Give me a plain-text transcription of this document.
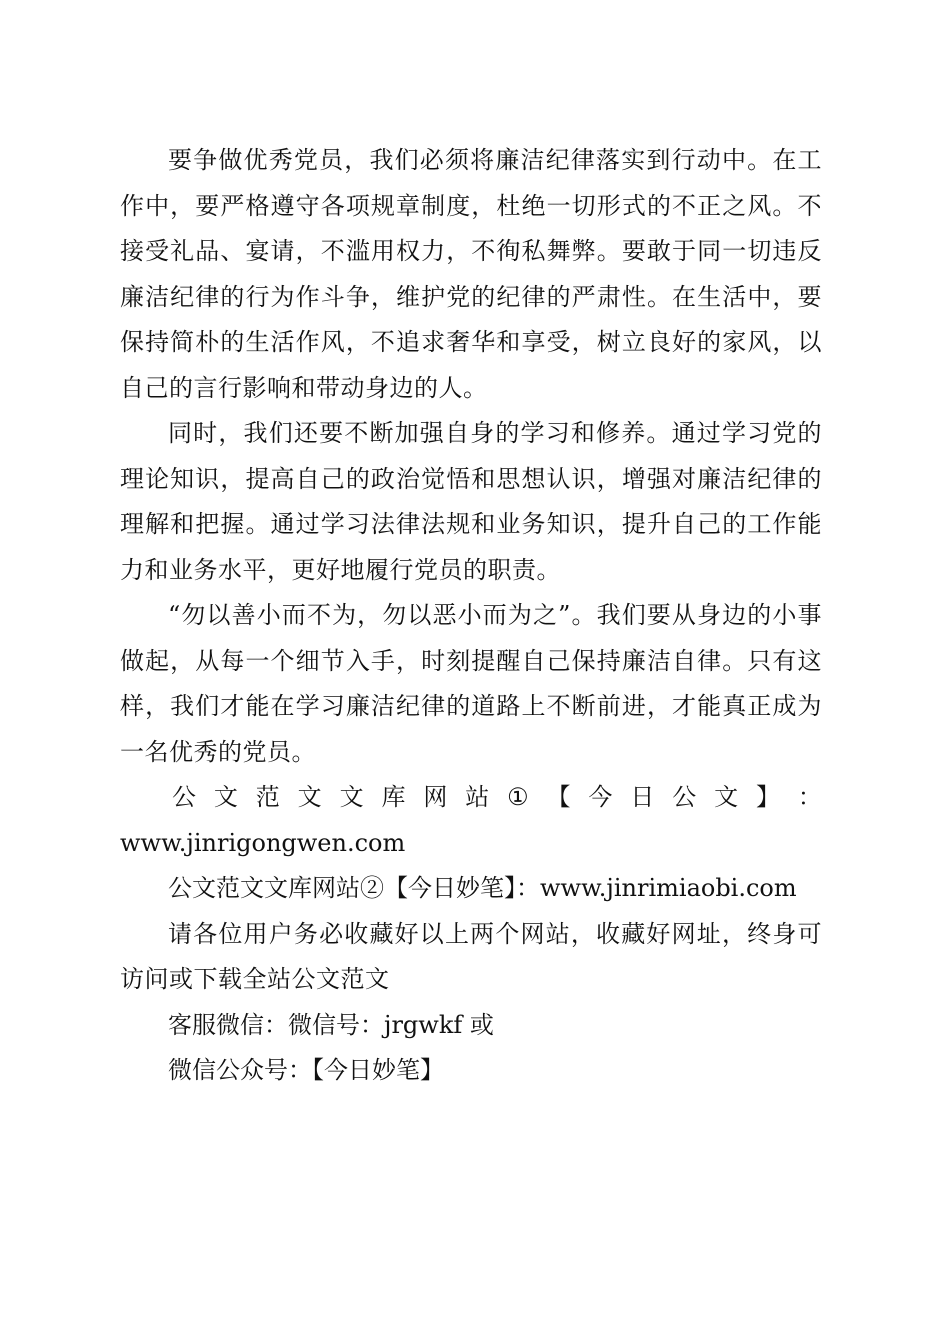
要争做优秀党员，我们必须将廉洁纪律落实到行动中。在工作中，要严格遵守各项规章制度，杜绝一切形式的不正之风。不接受礼品、宴请，不滥用权力，不徇私舞弊。要敢于同一切违反廉洁纪律的行为作斗争，维护党的纪律的严肃性。在生活中，要保持简朴的生活作风，不追求奢华和享受，树立良好的家风，以自己的言行影响和带动身边的人。

同时，我们还要不断加强自身的学习和修养。通过学习党的理论知识，提高自己的政治觉悟和思想认识，增强对廉洁纪律的理解和把握。通过学习法律法规和业务知识，提升自己的工作能力和业务水平，更好地履行党员的职责。

“勿以善小而不为，勿以恶小而为之”。我们要从身边的小事做起，从每一个细节入手，时刻提醒自己保持廉洁自律。只有这样，我们才能在学习廉洁纪律的道路上不断前进，才能真正成为一名优秀的党员。

公 文 范 文 文 库 网 站 ① 【 今 日 公 文 】 ：
www.jinrigongwen.com

公文范文文库网站②【今日妙笔】：www.jinrimiaobi.com

请各位用户务必收藏好以上两个网站，收藏好网址，终身可访问或下载全站公文范文

客服微信：微信号：jrgwkf 或

微信公众号：【今日妙笔】
